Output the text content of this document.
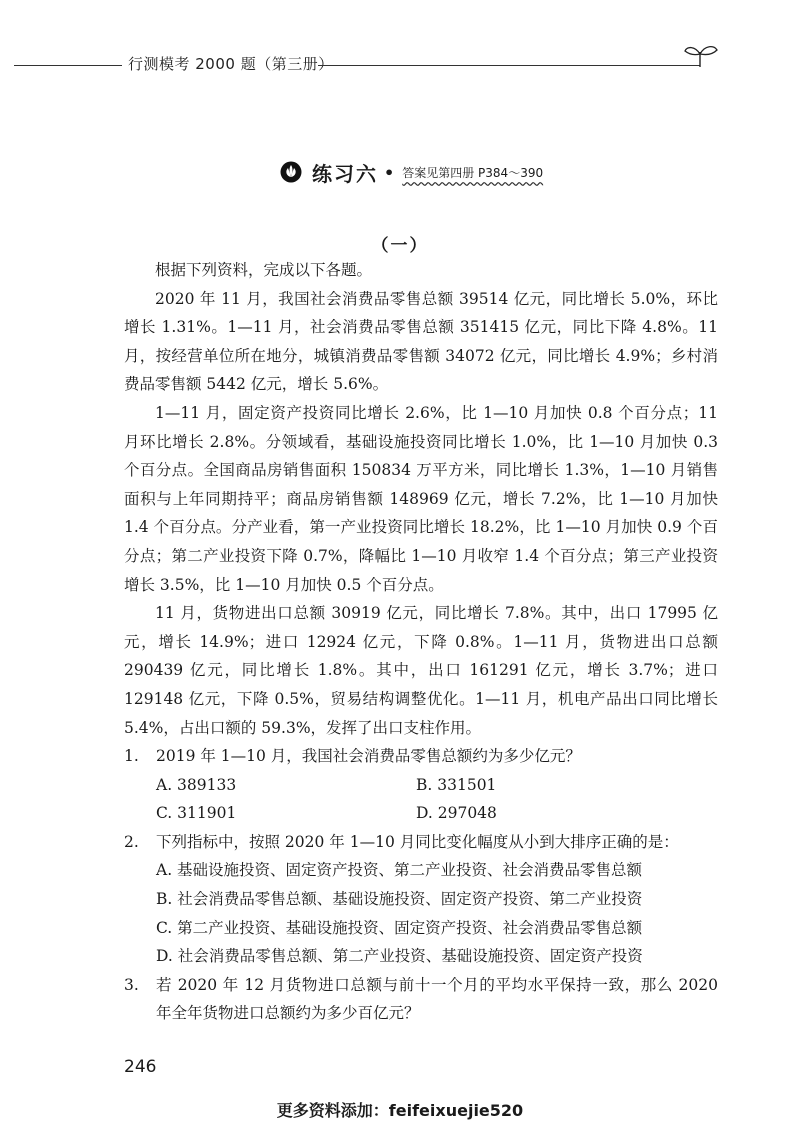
行测模考 2000 题（第三册）
练习六 • 答案见第四册 P384～390
（一）

根据下列资料，完成以下各题。

2020 年 11 月，我国社会消费品零售总额 39514 亿元，同比增长 5.0%，环比增长 1.31%。1—11 月，社会消费品零售总额 351415 亿元，同比下降 4.8%。11 月，按经营单位所在地分，城镇消费品零售额 34072 亿元，同比增长 4.9%；乡村消费品零售额 5442 亿元，增长 5.6%。

1—11 月，固定资产投资同比增长 2.6%，比 1—10 月加快 0.8 个百分点；11 月环比增长 2.8%。分领域看，基础设施投资同比增长 1.0%，比 1—10 月加快 0.3 个百分点。全国商品房销售面积 150834 万平方米，同比增长 1.3%，1—10 月销售面积与上年同期持平；商品房销售额 148969 亿元，增长 7.2%，比 1—10 月加快 1.4 个百分点。分产业看，第一产业投资同比增长 18.2%，比 1—10 月加快 0.9 个百分点；第二产业投资下降 0.7%，降幅比 1—10 月收窄 1.4 个百分点；第三产业投资增长 3.5%，比 1—10 月加快 0.5 个百分点。

11 月，货物进出口总额 30919 亿元，同比增长 7.8%。其中，出口 17995 亿元，增长 14.9%；进口 12924 亿元，下降 0.8%。1—11 月，货物进出口总额 290439 亿元，同比增长 1.8%。其中，出口 161291 亿元，增长 3.7%；进口 129148 亿元，下降 0.5%，贸易结构调整优化。1—11 月，机电产品出口同比增长 5.4%，占出口额的 59.3%，发挥了出口支柱作用。

1. 2019 年 1—10 月，我国社会消费品零售总额约为多少亿元？
A. 389133	B. 331501
C. 311901	D. 297048
2. 下列指标中，按照 2020 年 1—10 月同比变化幅度从小到大排序正确的是：
A. 基础设施投资、固定资产投资、第二产业投资、社会消费品零售总额
B. 社会消费品零售总额、基础设施投资、固定资产投资、第二产业投资
C. 第二产业投资、基础设施投资、固定资产投资、社会消费品零售总额
D. 社会消费品零售总额、第二产业投资、基础设施投资、固定资产投资
3. 若 2020 年 12 月货物进口总额与前十一个月的平均水平保持一致，那么 2020 年全年货物进口总额约为多少百亿元？
246
更多资料添加：feifeixuejie520
